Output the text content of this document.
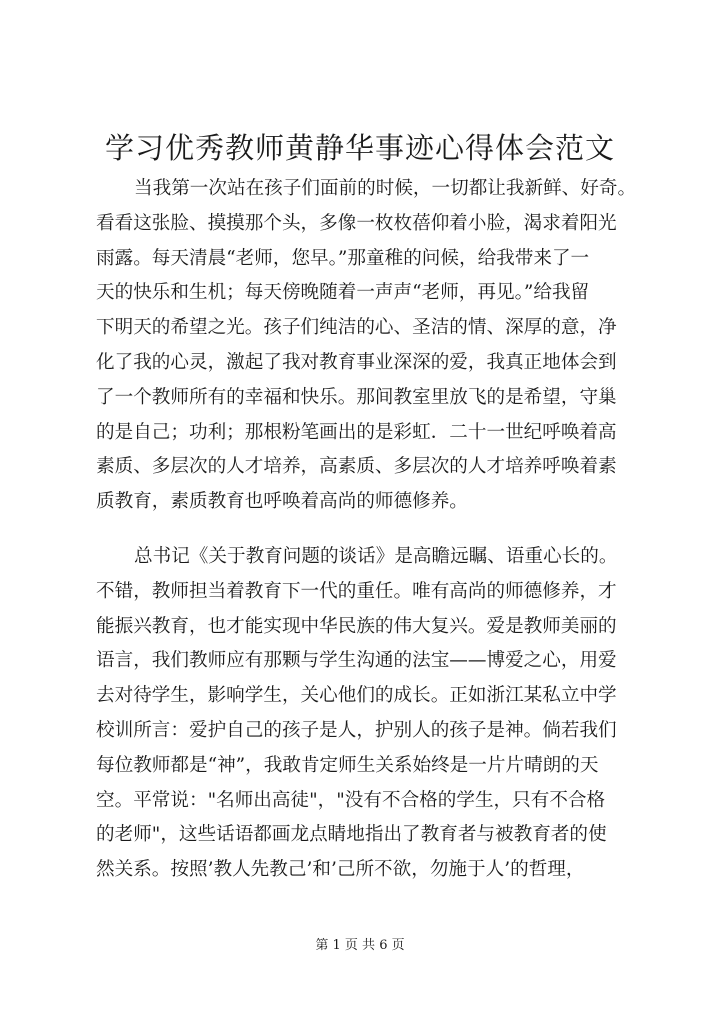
学习优秀教师黄静华事迹心得体会范文
当我第一次站在孩子们面前的时候，一切都让我新鲜、好奇。
看看这张脸、摸摸那个头，多像一枚枚蓓仰着小脸，渴求着阳光
雨露。每天清晨“老师，您早。”那童稚的问候，给我带来了一
天的快乐和生机；每天傍晚随着一声声“老师，再见。”给我留
下明天的希望之光。孩子们纯洁的心、圣洁的情、深厚的意，净
化了我的心灵，激起了我对教育事业深深的爱，我真正地体会到
了一个教师所有的幸福和快乐。那间教室里放飞的是希望，守巢
的是自己；功利；那根粉笔画出的是彩虹．二十一世纪呼唤着高
素质、多层次的人才培养，高素质、多层次的人才培养呼唤着素
质教育，素质教育也呼唤着高尚的师德修养。
总书记《关于教育问题的谈话》是高瞻远瞩、语重心长的。
不错，教师担当着教育下一代的重任。唯有高尚的师德修养，才
能振兴教育，也才能实现中华民族的伟大复兴。爱是教师美丽的
语言，我们教师应有那颗与学生沟通的法宝——博爱之心，用爱
去对待学生，影响学生，关心他们的成长。正如浙江某私立中学
校训所言：爱护自己的孩子是人，护别人的孩子是神。倘若我们
每位教师都是“神”，我敢肯定师生关系始终是一片片晴朗的天
空。平常说："名师出高徒"，"没有不合格的学生，只有不合格
的老师"，这些话语都画龙点睛地指出了教育者与被教育者的使
然关系。按照’教人先教己’和’己所不欲，勿施于人’的哲理，
第 1 页 共 6 页
